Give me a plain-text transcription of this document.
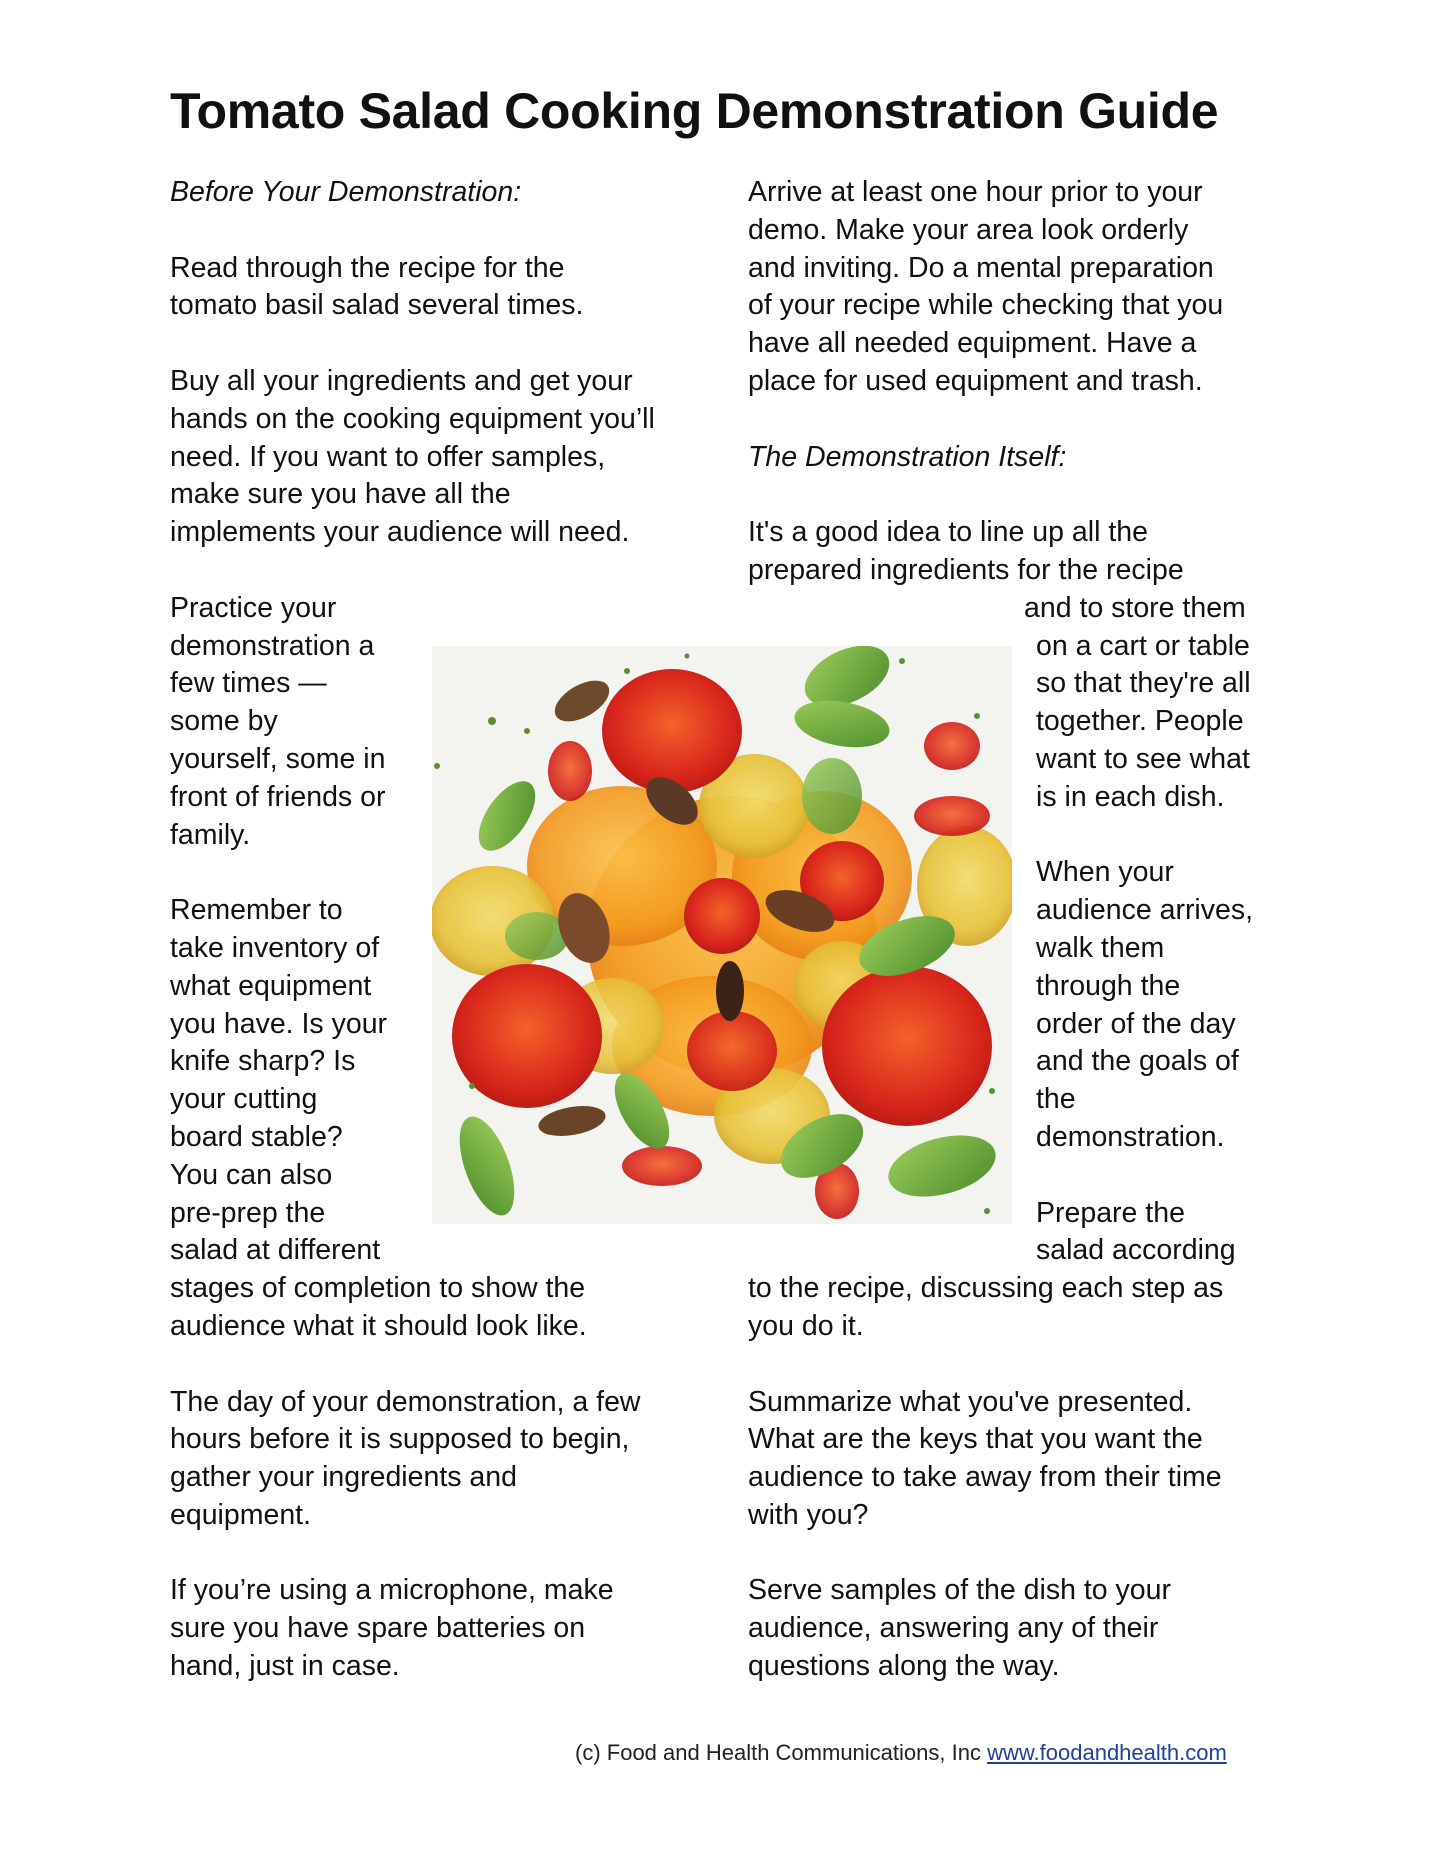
Tomato Salad Cooking Demonstration Guide

Before Your Demonstration:

Read through the recipe for the
tomato basil salad several times.

Buy all your ingredients and get your
hands on the cooking equipment you’ll
need. If you want to offer samples,
make sure you have all the
implements your audience will need.

Practice your
demonstration a
few times —
some by
yourself, some in
front of friends or
family.

Remember to
take inventory of
what equipment
you have. Is your
knife sharp? Is
your cutting
board stable?
You can also
pre-prep the
salad at different
stages of completion to show the
audience what it should look like.

The day of your demonstration, a few
hours before it is supposed to begin,
gather your ingredients and
equipment.

If you’re using a microphone, make
sure you have spare batteries on
hand, just in case.

Arrive at least one hour prior to your
demo. Make your area look orderly
and inviting. Do a mental preparation
of your recipe while checking that you
have all needed equipment. Have a
place for used equipment and trash.

The Demonstration Itself:

It's a good idea to line up all the
prepared ingredients for the recipe
and to store them
on a cart or table
so that they're all
together. People
want to see what
is in each dish.

When your
audience arrives,
walk them
through the
order of the day
and the goals of
the
demonstration.

Prepare the
salad according
to the recipe, discussing each step as
you do it.

Summarize what you've presented.
What are the keys that you want the
audience to take away from their time
with you?

Serve samples of the dish to your
audience, answering any of their
questions along the way.

(c) Food and Health Communications, Inc www.foodandhealth.com
